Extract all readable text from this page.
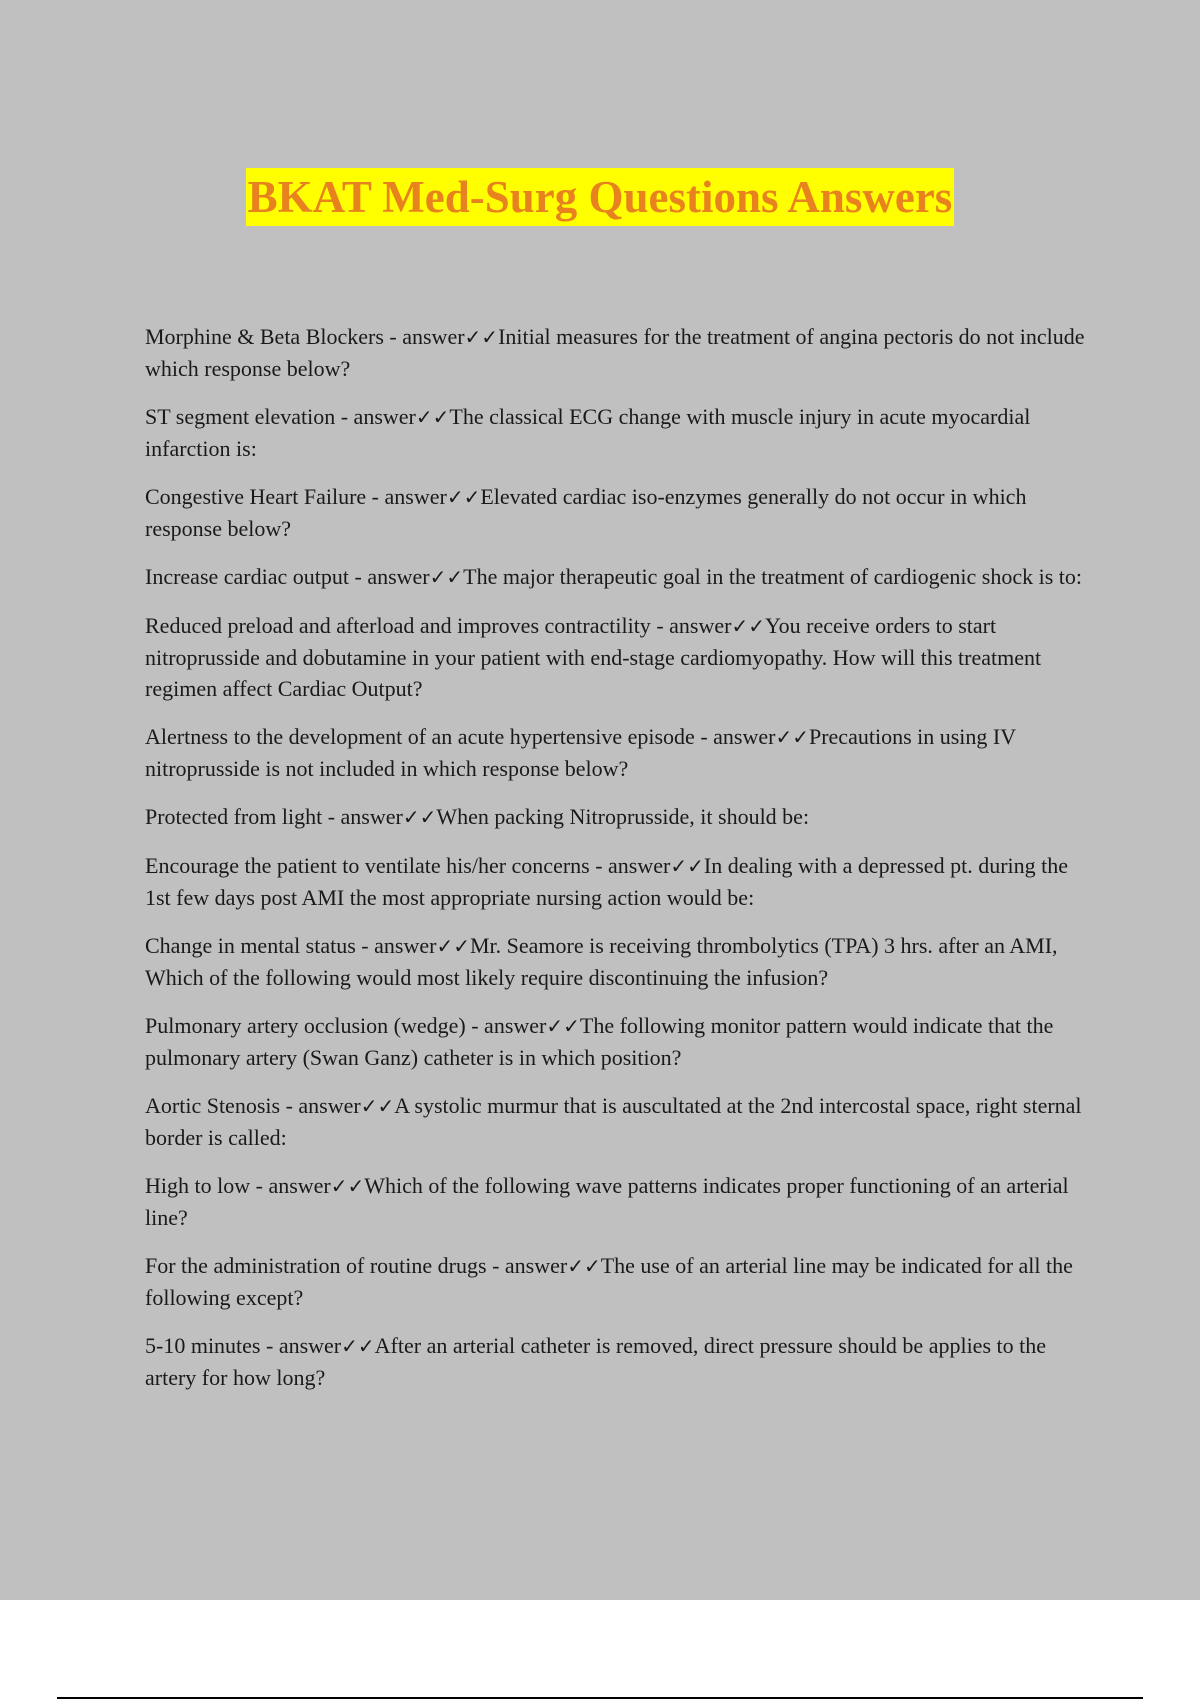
BKAT Med-Surg Questions Answers

Morphine & Beta Blockers - answer✓✓Initial measures for the treatment of angina pectoris do not include which response below?

ST segment elevation - answer✓✓The classical ECG change with muscle injury in acute myocardial infarction is:

Congestive Heart Failure - answer✓✓Elevated cardiac iso-enzymes generally do not occur in which response below?

Increase cardiac output - answer✓✓The major therapeutic goal in the treatment of cardiogenic shock is to:

Reduced preload and afterload and improves contractility - answer✓✓You receive orders to start nitroprusside and dobutamine in your patient with end-stage cardiomyopathy. How will this treatment regimen affect Cardiac Output?

Alertness to the development of an acute hypertensive episode - answer✓✓Precautions in using IV nitroprusside is not included in which response below?

Protected from light - answer✓✓When packing Nitroprusside, it should be:

Encourage the patient to ventilate his/her concerns - answer✓✓In dealing with a depressed pt. during the 1st few days post AMI the most appropriate nursing action would be:

Change in mental status - answer✓✓Mr. Seamore is receiving thrombolytics (TPA) 3 hrs. after an AMI, Which of the following would most likely require discontinuing the infusion?

Pulmonary artery occlusion (wedge) - answer✓✓The following monitor pattern would indicate that the pulmonary artery (Swan Ganz) catheter is in which position?

Aortic Stenosis - answer✓✓A systolic murmur that is auscultated at the 2nd intercostal space, right sternal border is called:

High to low - answer✓✓Which of the following wave patterns indicates proper functioning of an arterial line?

For the administration of routine drugs - answer✓✓The use of an arterial line may be indicated for all the following except?

5-10 minutes - answer✓✓After an arterial catheter is removed, direct pressure should be applies to the artery for how long?
